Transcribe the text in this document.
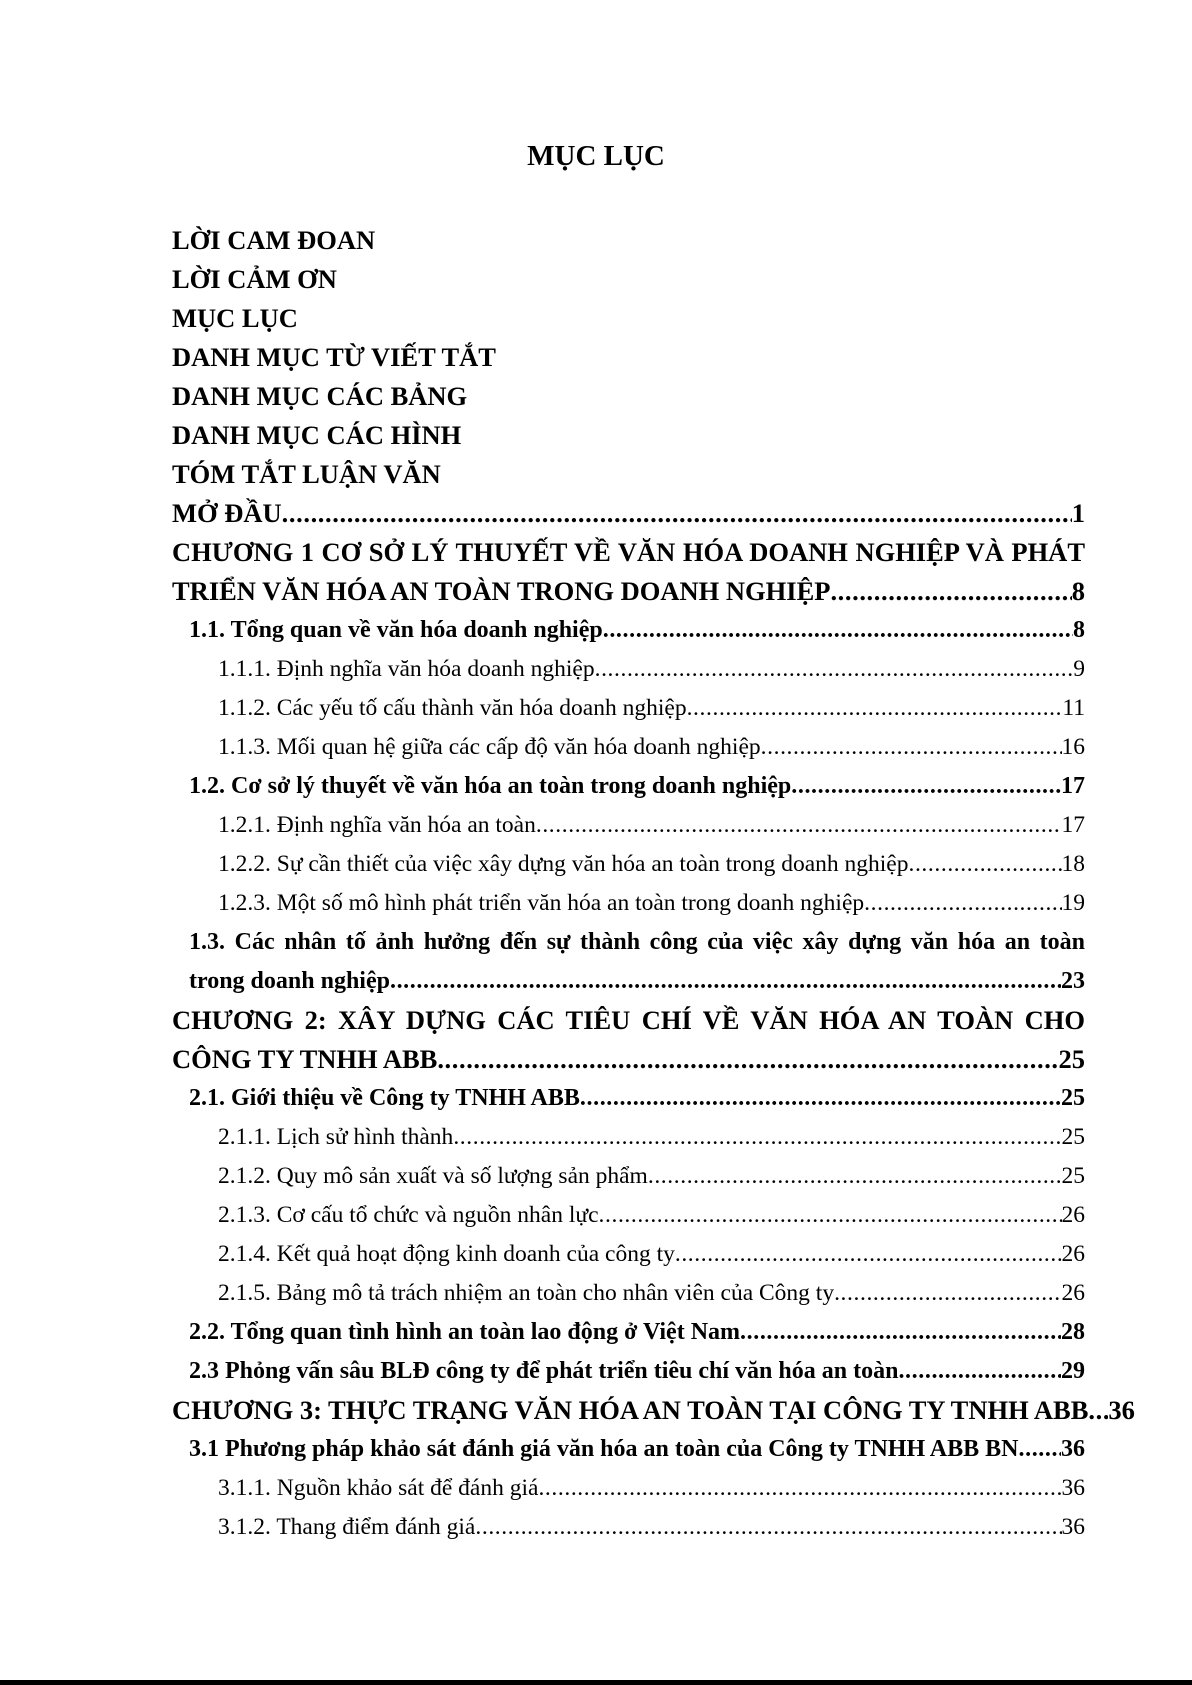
MỤC LỤC
LỜI CAM ĐOAN
LỜI CẢM ƠN
MỤC LỤC
DANH MỤC TỪ VIẾT TẮT
DANH MỤC CÁC BẢNG
DANH MỤC CÁC HÌNH
TÓM TẮT LUẬN VĂN
MỞ ĐẦU .....	1
CHƯƠNG 1 CƠ SỞ LÝ THUYẾT VỀ VĂN HÓA DOANH NGHIỆP VÀ PHÁT
TRIỂN VĂN HÓA AN TOÀN TRONG DOANH NGHIỆP .....	8
1.1. Tổng quan về văn hóa doanh nghiệp .....	8
1.1.1. Định nghĩa văn hóa doanh nghiệp .....	9
1.1.2. Các yếu tố cấu thành văn hóa doanh nghiệp .....	11
1.1.3. Mối quan hệ giữa các cấp độ văn hóa doanh nghiệp .....	16
1.2. Cơ sở lý thuyết về văn hóa an toàn trong doanh nghiệp .....	17
1.2.1. Định nghĩa văn hóa an toàn .....	17
1.2.2. Sự cần thiết của việc xây dựng văn hóa an toàn trong doanh nghiệp .....	18
1.2.3. Một số mô hình phát triển văn hóa an toàn trong doanh nghiệp .....	19
1.3. Các nhân tố ảnh hưởng đến sự thành công của việc xây dựng văn hóa an toàn
trong doanh nghiệp .....	23
CHƯƠNG 2: XÂY DỰNG CÁC TIÊU CHÍ VỀ VĂN HÓA AN TOÀN CHO
CÔNG TY TNHH ABB .....	25
2.1. Giới thiệu về Công ty TNHH ABB .....	25
2.1.1. Lịch sử hình thành .....	25
2.1.2. Quy mô sản xuất và số lượng sản phẩm .....	25
2.1.3. Cơ cấu tổ chức và nguồn nhân lực .....	26
2.1.4. Kết quả hoạt động kinh doanh của công ty .....	26
2.1.5. Bảng mô tả trách nhiệm an toàn cho nhân viên của Công ty .....	26
2.2. Tổng quan tình hình an toàn lao động ở Việt Nam .....	28
2.3 Phỏng vấn sâu BLĐ công ty để phát triển tiêu chí văn hóa an toàn .....	29
CHƯƠNG 3: THỰC TRẠNG VĂN HÓA AN TOÀN TẠI CÔNG TY TNHH ABB ..... 36
3.1 Phương pháp khảo sát đánh giá văn hóa an toàn của Công ty TNHH ABB BN ..... 36
3.1.1. Nguồn khảo sát để đánh giá .....	36
3.1.2. Thang điểm đánh giá .....	36
